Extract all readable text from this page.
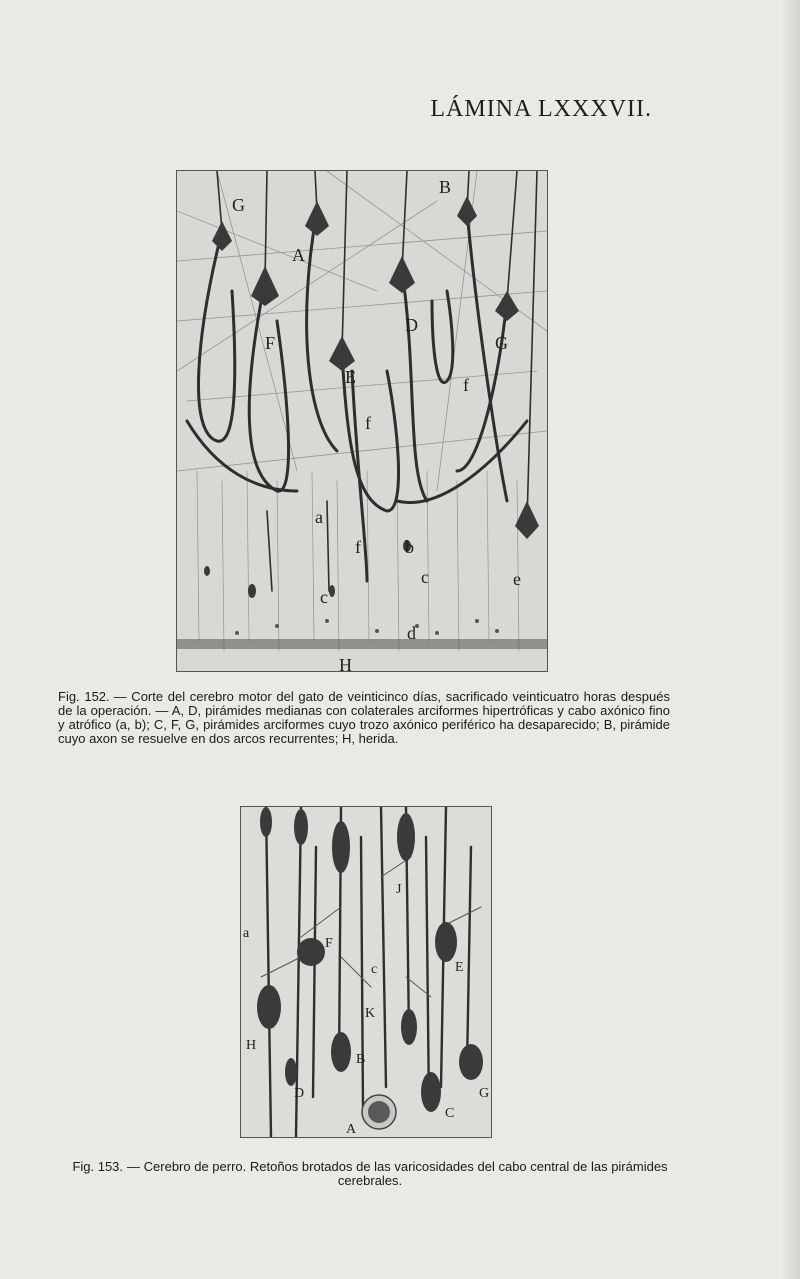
LÁMINA LXXXVII.
G
B
A
F
D
G
E	f
f
a
f b
c	e
c
d
H
Fig. 152. — Corte del cerebro motor del gato de veinticinco días, sacrificado veinticuatro horas después de la operación. — A, D, pirámides medianas con colaterales arciformes hipertróficas y cabo axónico fino y atrófico (a, b); C, F, G, pirámides arciformes cuyo trozo axónico periférico ha desaparecido; B, pirámide cuyo axon se resuelve en dos arcos recurrentes; H, herida.
a
F
J
c	E
K
H
B
D
A
C
G
Fig. 153. — Cerebro de perro. Retoños brotados de las varicosidades del cabo central de las pirámides cerebrales.
